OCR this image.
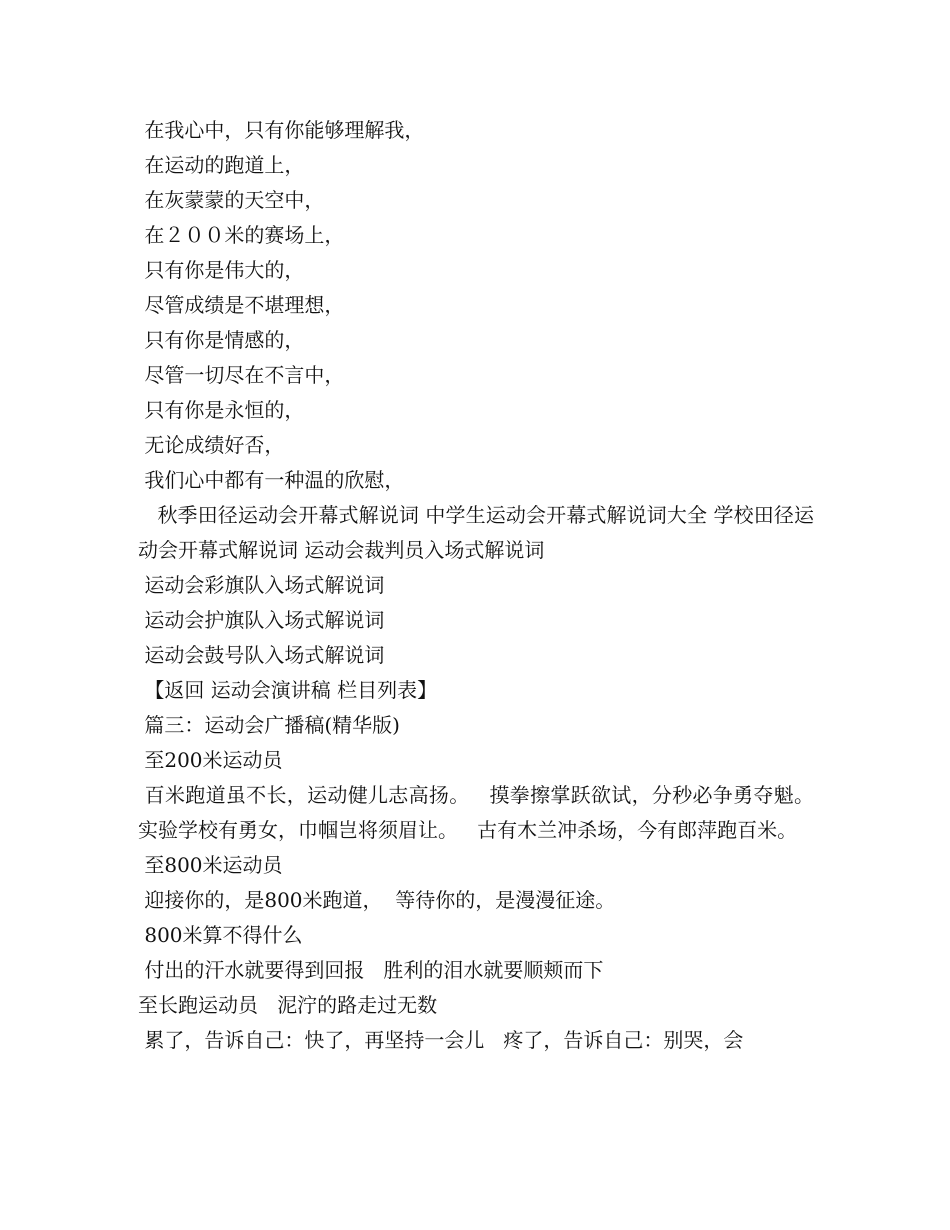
在我心中，只有你能够理解我，

在运动的跑道上，

在灰蒙蒙的天空中，

在２００米的赛场上，

只有你是伟大的，

尽管成绩是不堪理想，

只有你是情感的，

尽管一切尽在不言中，

只有你是永恒的，

无论成绩好否，

我们心中都有一种温的欣慰，

秋季田径运动会开幕式解说词 中学生运动会开幕式解说词大全 学校田径运动会开幕式解说词 运动会裁判员入场式解说词

运动会彩旗队入场式解说词

运动会护旗队入场式解说词

运动会鼓号队入场式解说词

【返回 运动会演讲稿 栏目列表】

篇三：运动会广播稿(精华版)

至200米运动员

百米跑道虽不长，运动健儿志高扬。   摸拳擦掌跃欲试，分秒必争勇夺魁。   实验学校有勇女，巾帼岂将须眉让。   古有木兰冲杀场，今有郎萍跑百米。

至800米运动员

迎接你的，是800米跑道，  等待你的，是漫漫征途。

800米算不得什么

付出的汗水就要得到回报   胜利的泪水就要顺颊而下

至长跑运动员   泥泞的路走过无数

累了，告诉自己：快了，再坚持一会儿   疼了，告诉自己：别哭，会
